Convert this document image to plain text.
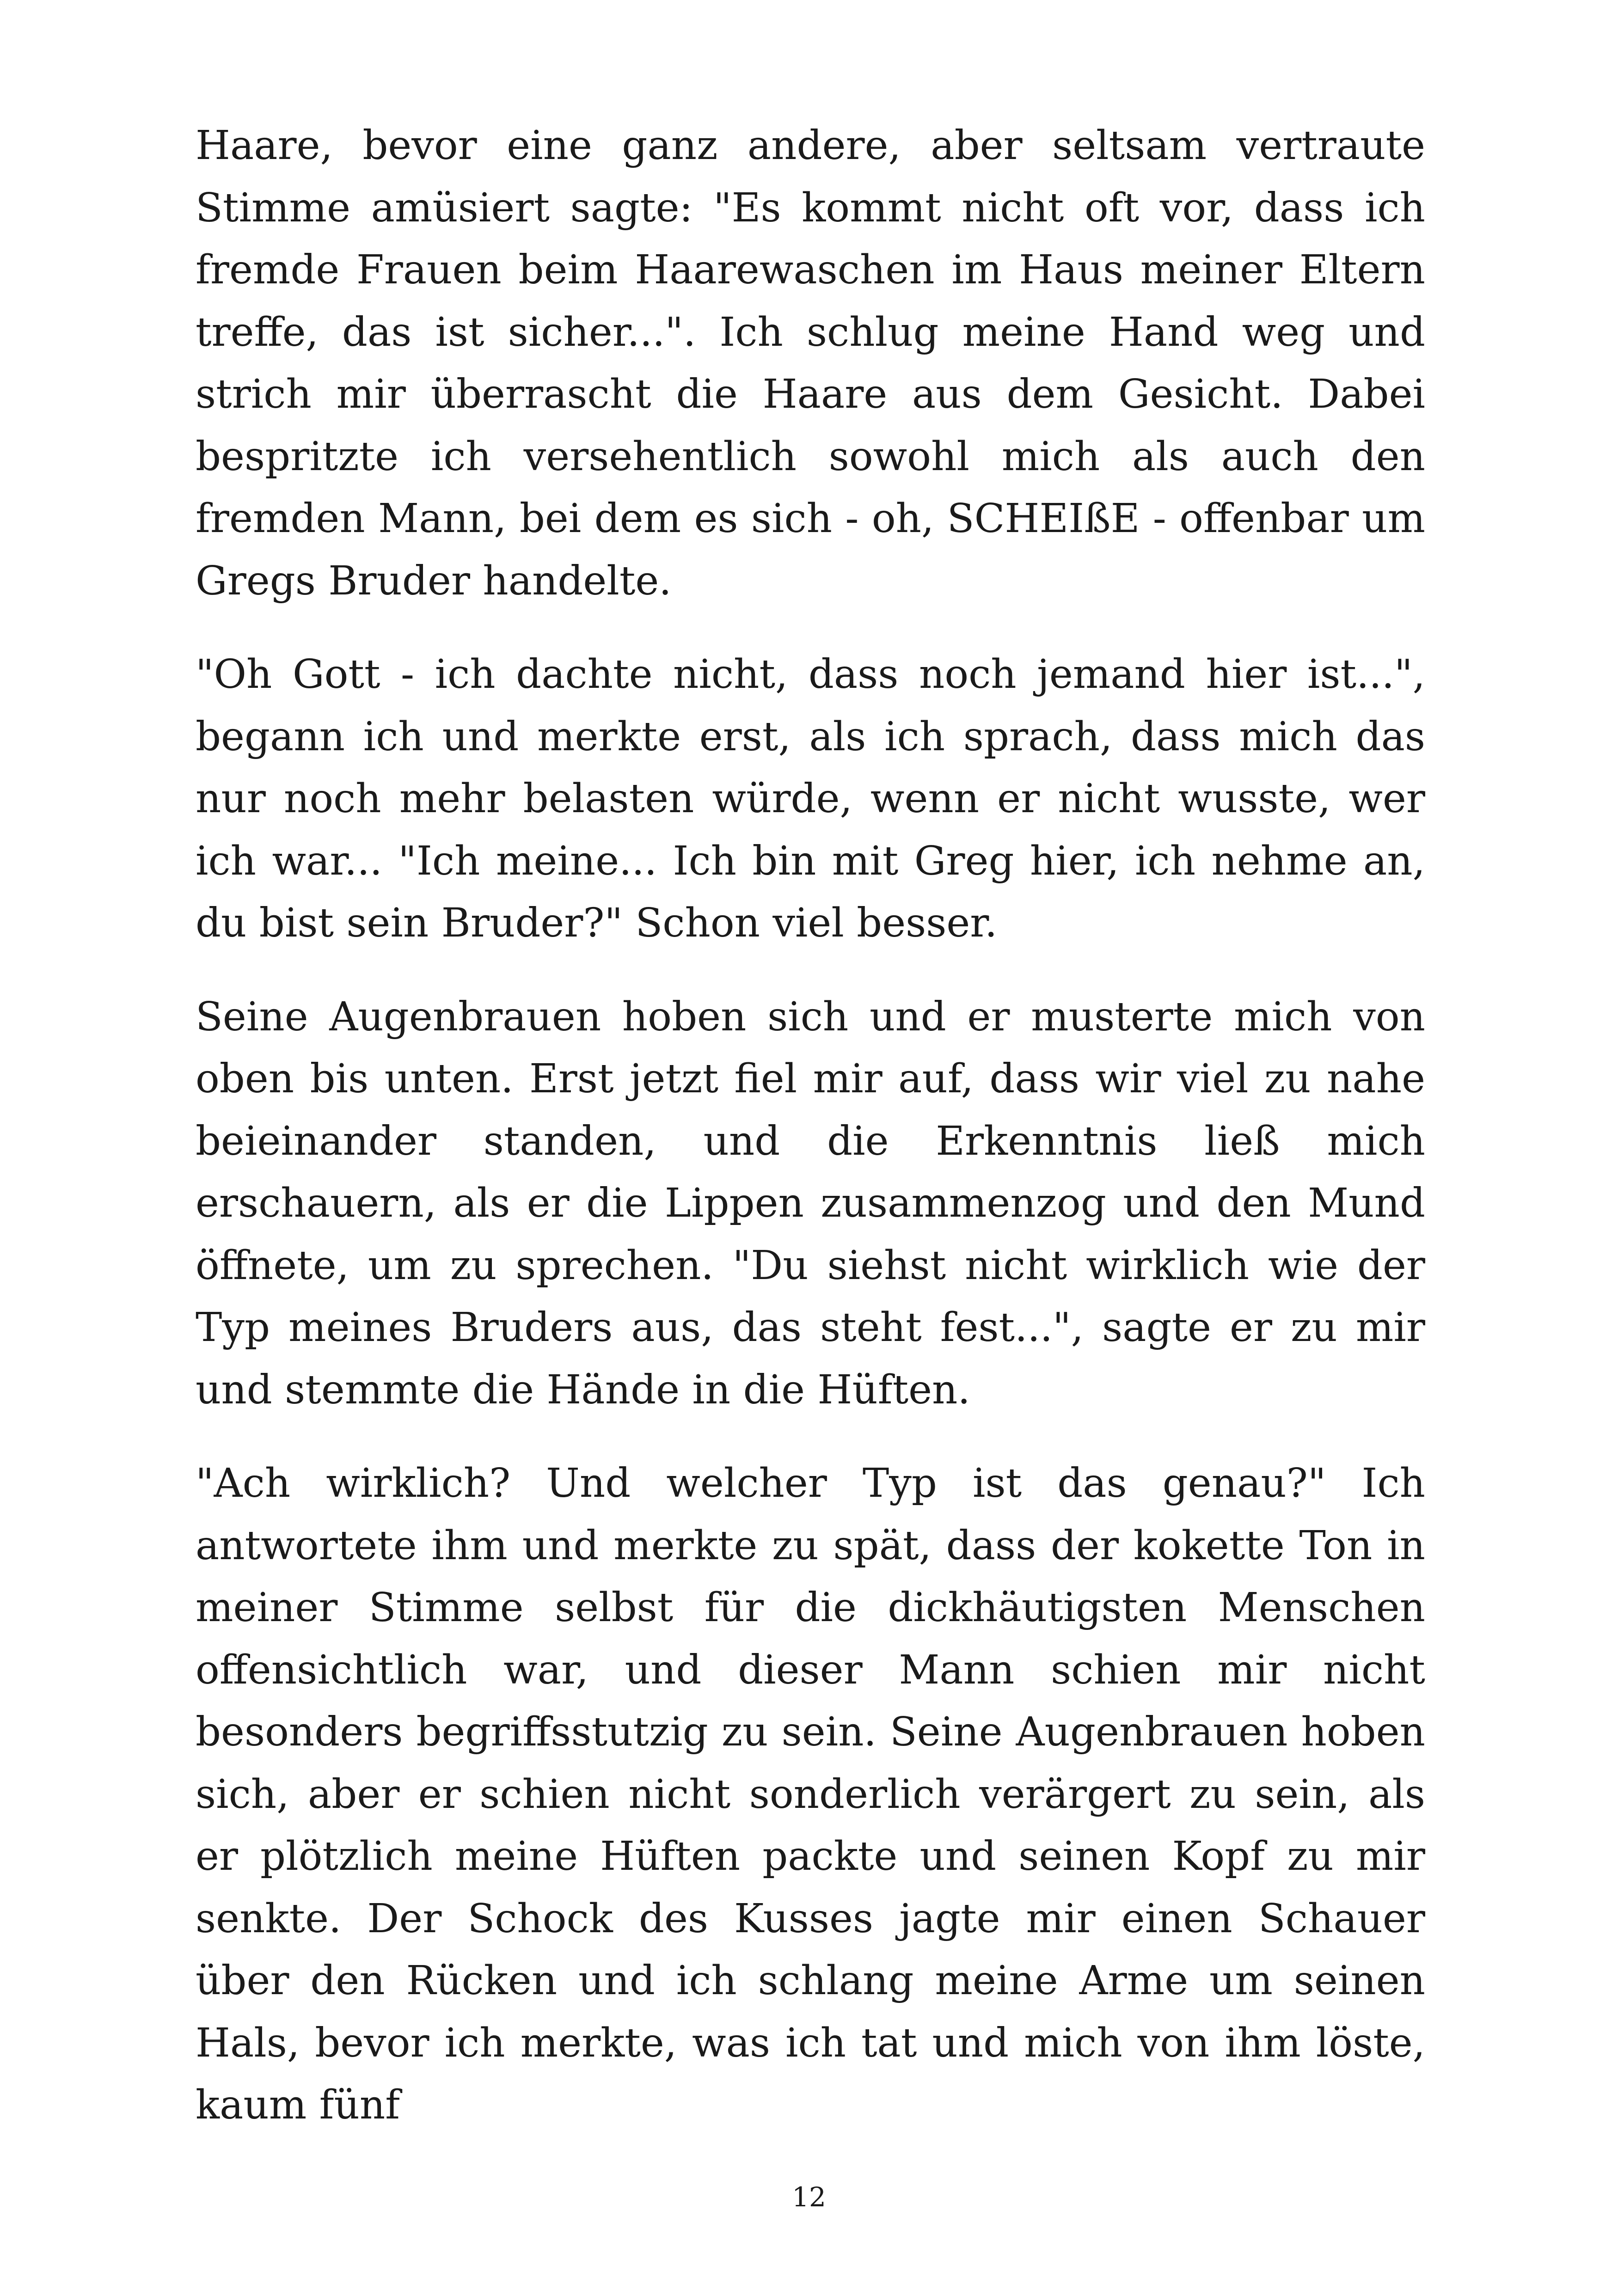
Haare, bevor eine ganz andere, aber seltsam vertraute Stimme amüsiert sagte: "Es kommt nicht oft vor, dass ich fremde Frauen beim Haarewaschen im Haus meiner Eltern treffe, das ist sicher...". Ich schlug meine Hand weg und strich mir überrascht die Haare aus dem Gesicht. Dabei bespritzte ich versehentlich sowohl mich als auch den fremden Mann, bei dem es sich - oh, SCHEIßE - offenbar um Gregs Bruder handelte.

"Oh Gott - ich dachte nicht, dass noch jemand hier ist...", begann ich und merkte erst, als ich sprach, dass mich das nur noch mehr belasten würde, wenn er nicht wusste, wer ich war... "Ich meine... Ich bin mit Greg hier, ich nehme an, du bist sein Bruder?" Schon viel besser.

Seine Augenbrauen hoben sich und er musterte mich von oben bis unten. Erst jetzt fiel mir auf, dass wir viel zu nahe beieinander standen, und die Erkenntnis ließ mich erschauern, als er die Lippen zusammenzog und den Mund öffnete, um zu sprechen. "Du siehst nicht wirklich wie der Typ meines Bruders aus, das steht fest...", sagte er zu mir und stemmte die Hände in die Hüften.

"Ach wirklich? Und welcher Typ ist das genau?" Ich antwortete ihm und merkte zu spät, dass der kokette Ton in meiner Stimme selbst für die dickhäutigsten Menschen offensichtlich war, und dieser Mann schien mir nicht besonders begriffsstutzig zu sein. Seine Augenbrauen hoben sich, aber er schien nicht sonderlich verärgert zu sein, als er plötzlich meine Hüften packte und seinen Kopf zu mir senkte. Der Schock des Kusses jagte mir einen Schauer über den Rücken und ich schlang meine Arme um seinen Hals, bevor ich merkte, was ich tat und mich von ihm löste, kaum fünf

12
